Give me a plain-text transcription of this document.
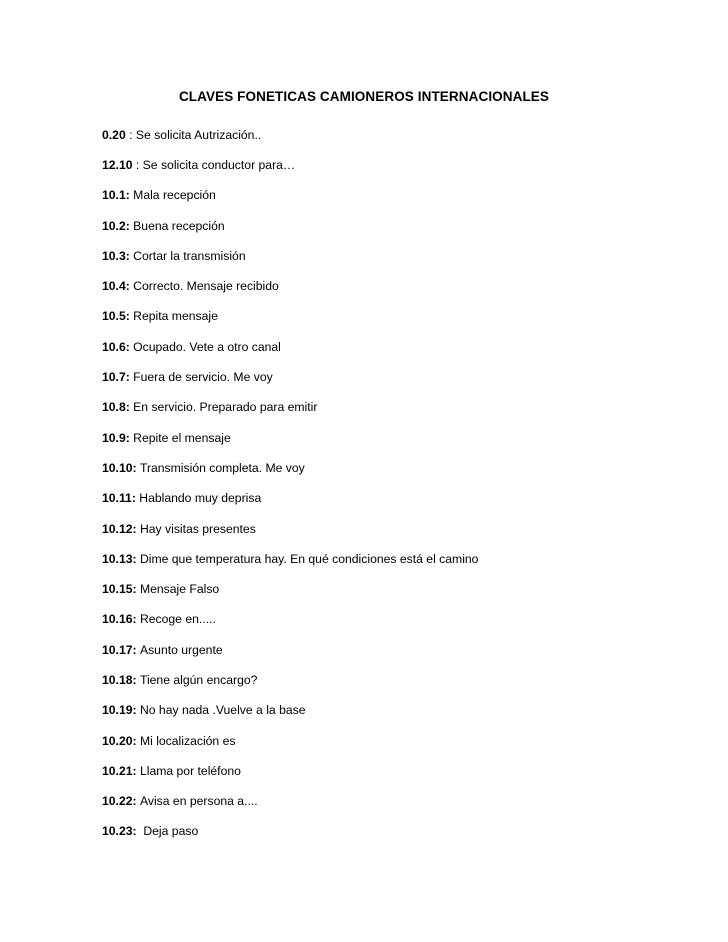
CLAVES FONETICAS CAMIONEROS INTERNACIONALES
0.20 : Se solicita Autrización..
12.10 : Se solicita conductor para…
10.1:
Mala recepción
10.2:
Buena recepción
10.3:
Cortar la transmisión
10.4:
Correcto. Mensaje recibido
10.5:
Repita mensaje
10.6:
Ocupado. Vete a otro canal
10.7:
Fuera de servicio. Me voy
10.8:
En servicio. Preparado para emitir
10.9:
Repite el mensaje
10.10:
Transmisión completa. Me voy
10.11:
Hablando muy deprisa
10.12:
Hay visitas presentes
10.13:
Dime que temperatura hay. En qué condiciones está el camino
10.15:
Mensaje Falso
10.16:
Recoge en.....
10.17:
Asunto urgente
10.18:
Tiene algún encargo?
10.19:
No hay nada .Vuelve a la base
10.20:
Mi localización es
10.21:
Llama por teléfono
10.22:
Avisa en persona a....
10.23:
Deja paso
